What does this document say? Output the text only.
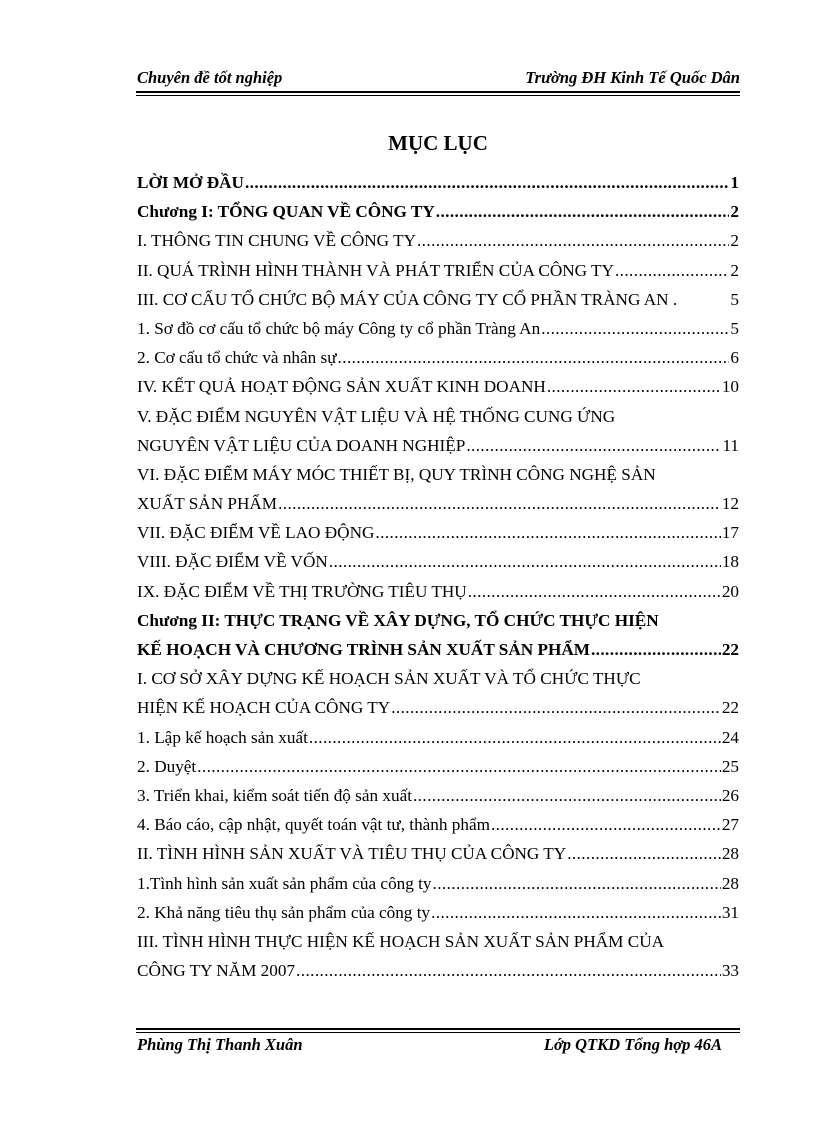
Chuyên đề tốt nghiệp	Trường ĐH Kinh Tế Quốc Dân
MỤC LỤC
LỜI MỞ ĐẦU .....	1
Chương I: TỔNG QUAN VỀ CÔNG TY .....	2
I. THÔNG TIN CHUNG VỀ CÔNG TY .....	2
II. QUÁ TRÌNH HÌNH THÀNH VÀ PHÁT TRIỂN CỦA CÔNG TY .....	2
III. CƠ CẤU TỔ CHỨC BỘ MÁY CỦA CÔNG TY CỔ PHẦN TRÀNG AN .	5
1. Sơ đồ cơ cấu tổ chức bộ máy Công ty cổ phần Tràng An .....	5
2. Cơ cấu tổ chức và nhân sự .....	6
IV. KẾT QUẢ HOẠT ĐỘNG SẢN XUẤT KINH DOANH .....	10
V. ĐẶC ĐIỂM NGUYÊN VẬT LIỆU VÀ HỆ THỐNG CUNG ỨNG
NGUYÊN VẬT LIỆU CỦA DOANH NGHIỆP .....	11
VI. ĐẶC ĐIỂM MÁY MÓC THIẾT BỊ, QUY TRÌNH CÔNG NGHỆ SẢN
XUẤT SẢN PHẨM .....	12
VII. ĐẶC ĐIỂM VỀ LAO ĐỘNG .....	17
VIII. ĐẶC ĐIỂM VỀ VỐN .....	18
IX. ĐẶC ĐIỂM VỀ THỊ TRƯỜNG TIÊU THỤ .....	20
Chương II: THỰC TRẠNG VỀ XÂY DỰNG, TỔ CHỨC THỰC HIỆN
KẾ HOẠCH VÀ CHƯƠNG TRÌNH SẢN XUẤT SẢN PHẨM .....	22
I. CƠ SỞ XÂY DỰNG KẾ HOẠCH SẢN XUẤT VÀ TỔ CHỨC THỰC
HIỆN KẾ HOẠCH CỦA CÔNG TY .....	22
1. Lập kế hoạch sản xuất .....	24
2. Duyệt .....	25
3. Triển khai, kiểm soát tiến độ sản xuất .....	26
4. Báo cáo, cập nhật, quyết toán vật tư, thành phẩm .....	27
II. TÌNH HÌNH SẢN XUẤT VÀ TIÊU THỤ CỦA CÔNG TY .....	28
1.Tình hình sản xuất sản phẩm của công ty .....	28
2. Khả năng tiêu thụ sản phẩm của công ty .....	31
III. TÌNH HÌNH THỰC HIỆN KẾ HOẠCH SẢN XUẤT SẢN PHẨM CỦA
CÔNG TY NĂM 2007 .....	33
Phùng Thị Thanh Xuân	Lớp QTKD Tổng hợp 46A
